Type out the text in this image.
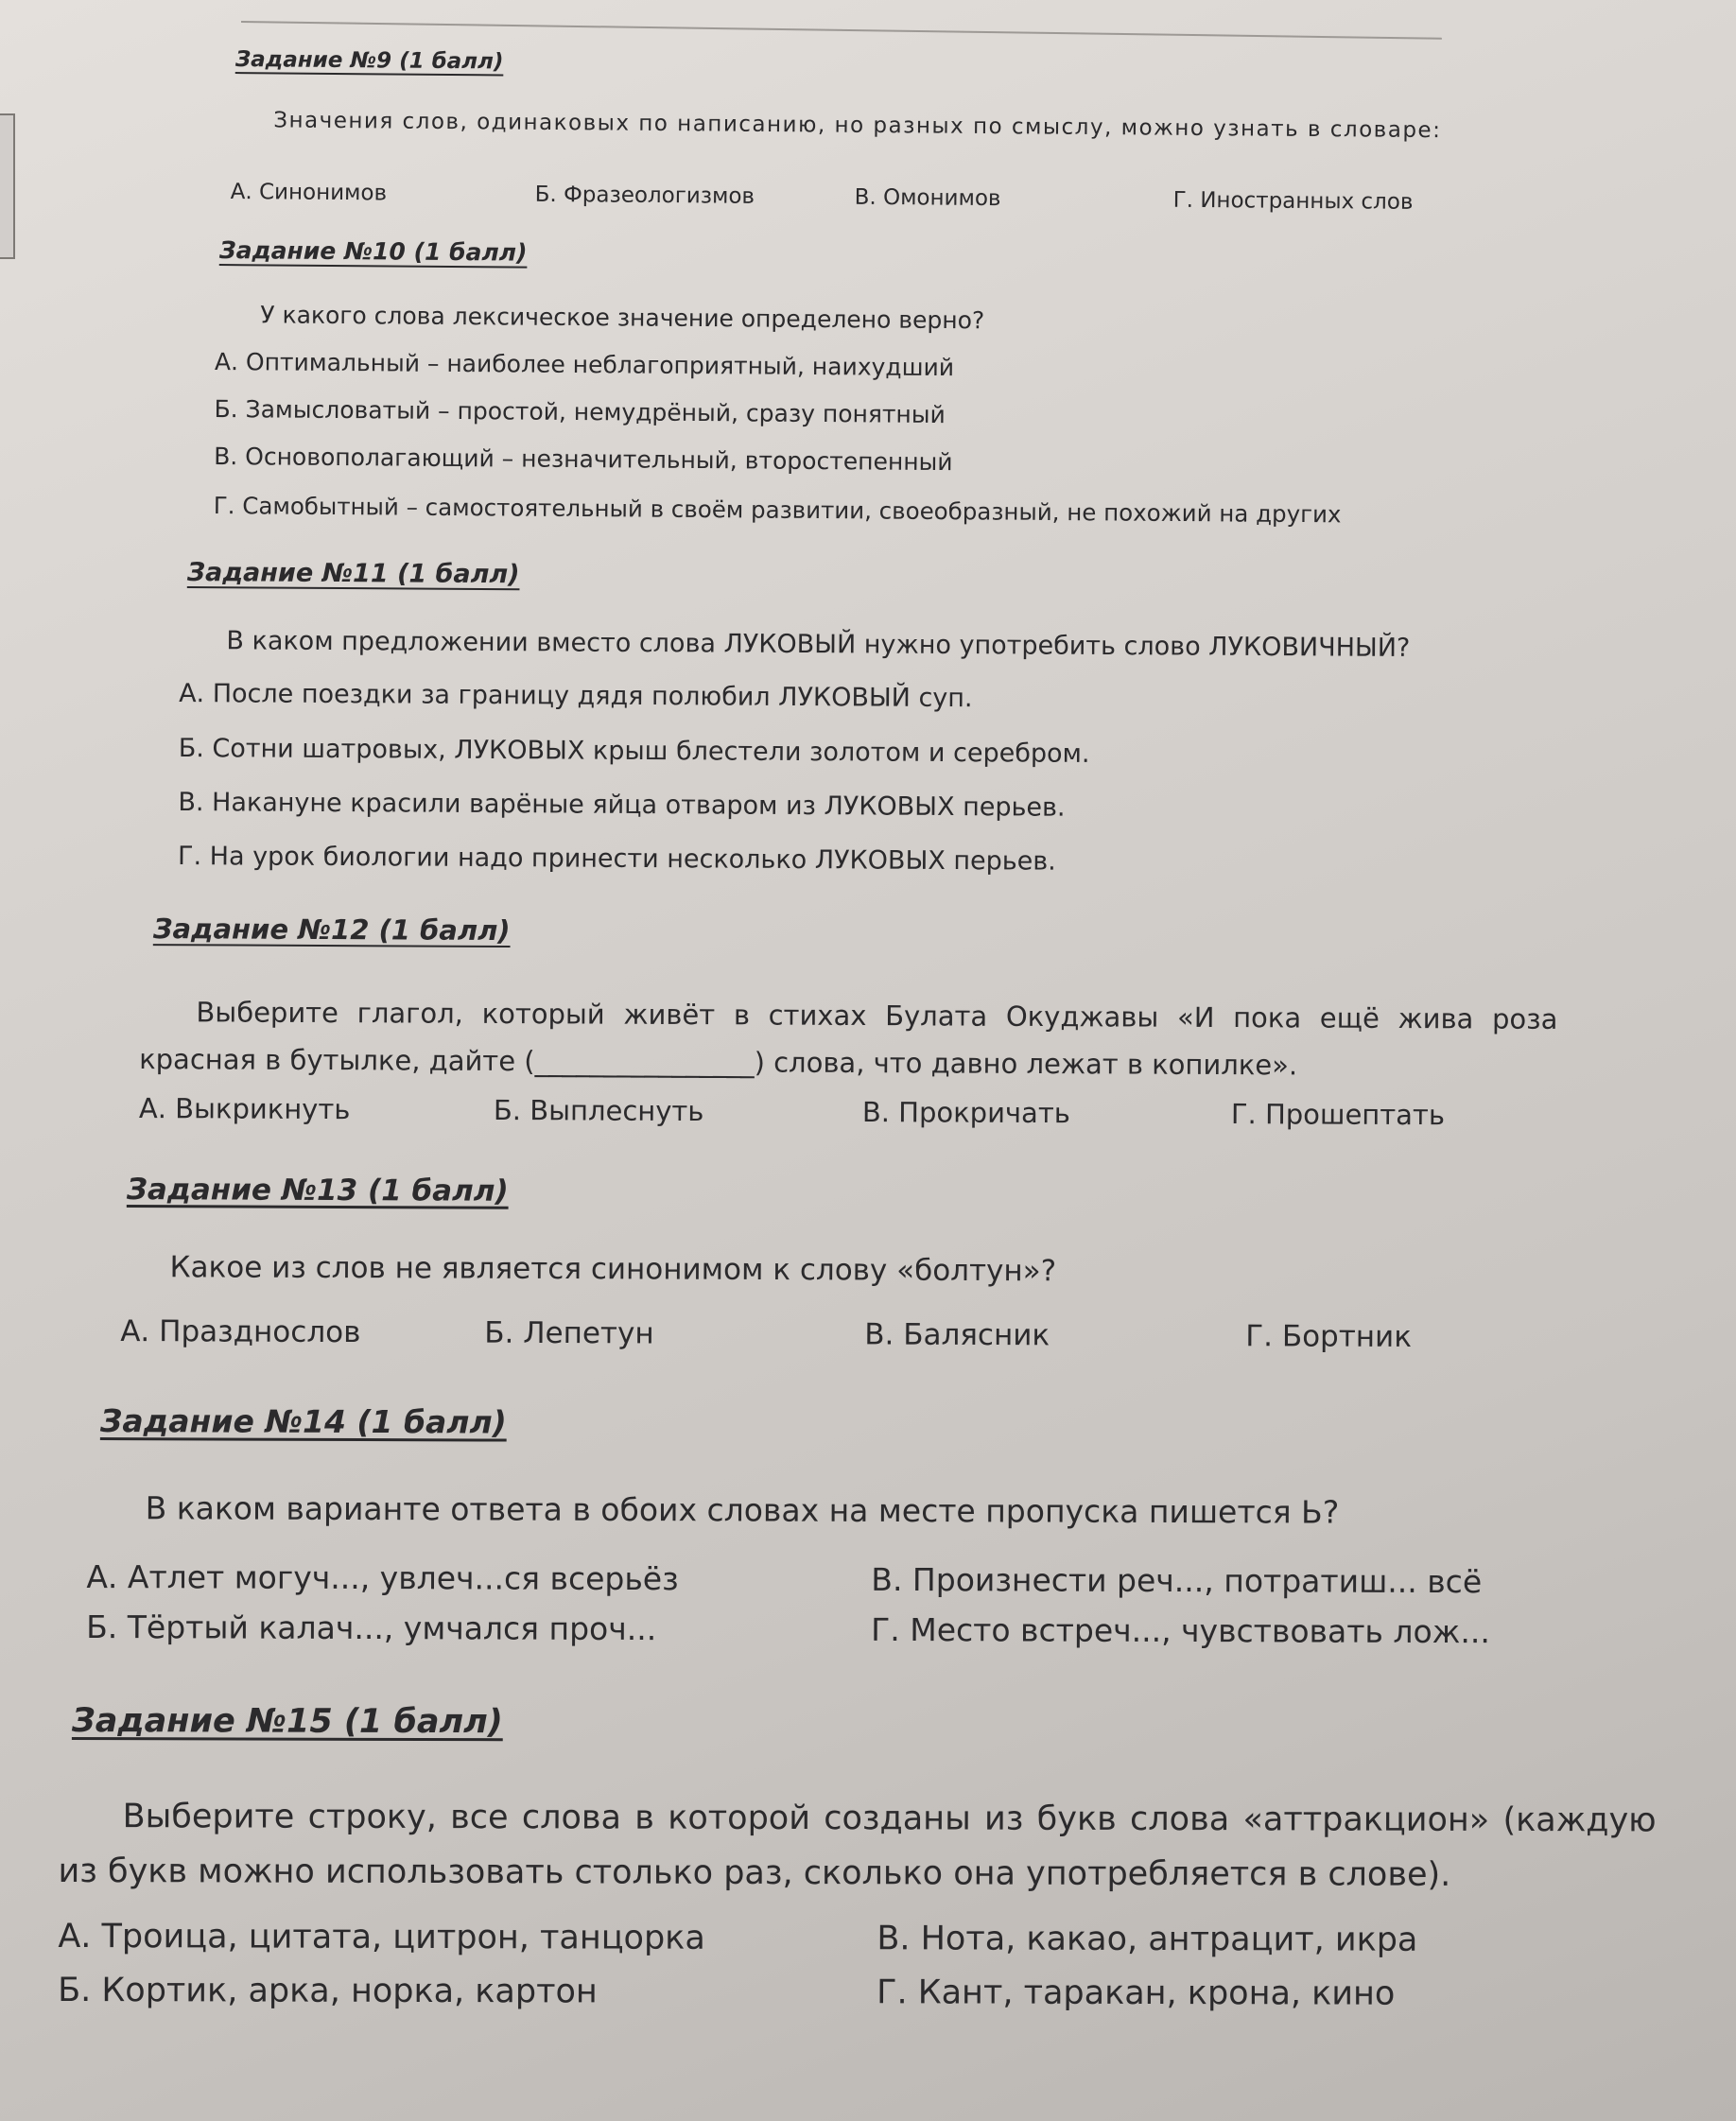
Задание №9 (1 балл)

Значения слов, одинаковых по написанию, но разных по смыслу, можно узнать в словаре:

А. Синонимов	Б. Фразеологизмов	В. Омонимов	Г. Иностранных слов

Задание №10 (1 балл)

У какого слова лексическое значение определено верно?

А. Оптимальный – наиболее неблагоприятный, наихудший

Б. Замысловатый – простой, немудрёный, сразу понятный

В. Основополагающий – незначительный, второстепенный

Г. Самобытный – самостоятельный в своём развитии, своеобразный, не похожий на других

Задание №11 (1 балл)

В каком предложении вместо слова ЛУКОВЫЙ нужно употребить слово ЛУКОВИЧНЫЙ?

А. После поездки за границу дядя полюбил ЛУКОВЫЙ суп.

Б. Сотни шатровых, ЛУКОВЫХ крыш блестели золотом и серебром.

В. Накануне красили варёные яйца отваром из ЛУКОВЫХ перьев.

Г. На урок биологии надо принести несколько ЛУКОВЫХ перьев.

Задание №12 (1 балл)

Выберите глагол, который живёт в стихах Булата Окуджавы «И пока ещё жива роза красная в бутылке, дайте (________________) слова, что давно лежат в копилке».

А. Выкрикнуть	Б. Выплеснуть	В. Прокричать	Г. Прошептать

Задание №13 (1 балл)

Какое из слов не является синонимом к слову «болтун»?

А. Празднослов	Б. Лепетун	В. Балясник	Г. Бортник

Задание №14 (1 балл)

В каком варианте ответа в обоих словах на месте пропуска пишется Ь?

А. Атлет могуч..., увлеч...ся всерьёз	В. Произнести реч..., потратиш... всё

Б. Тёртый калач..., умчался проч...	Г. Место встреч..., чувствовать лож...

Задание №15 (1 балл)

Выберите строку, все слова в которой созданы из букв слова «аттракцион» (каждую из букв можно использовать столько раз, сколько она употребляется в слове).

А. Троица, цитата, цитрон, танцорка	В. Нота, какао, антрацит, икра

Б. Кортик, арка, норка, картон	Г. Кант, таракан, крона, кино
